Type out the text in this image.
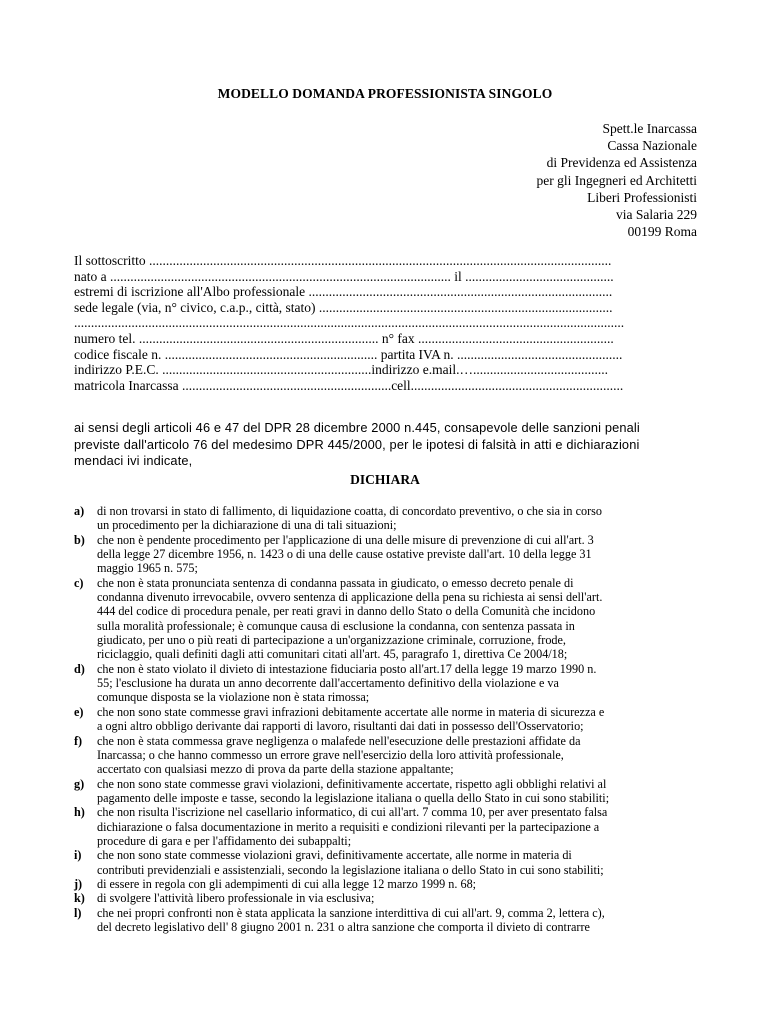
MODELLO DOMANDA PROFESSIONISTA SINGOLO
Spett.le Inarcassa
Cassa Nazionale
di Previdenza ed Assistenza
per gli Ingegneri ed Architetti
Liberi Professionisti
via Salaria 229
00199 Roma
Il sottoscritto .........................................................................................................................................
nato a ..................................................................................................... il ............................................
estremi di iscrizione all'Albo professionale ..........................................................................................
sede legale (via, n° civico, c.a.p., città, stato) .......................................................................................
...................................................................................................................................................................
numero tel. ....................................................................... n° fax ..........................................................
codice fiscale n. ............................................................... partita IVA n. .................................................
indirizzo P.E.C. ..............................................................indirizzo e.mail.…........................................
matricola Inarcassa ..............................................................cell...............................................................
ai sensi degli articoli 46 e 47 del DPR 28 dicembre 2000 n.445, consapevole delle sanzioni penali
previste dall'articolo 76 del medesimo DPR 445/2000, per le ipotesi di falsità in atti e dichiarazioni
mendaci ivi indicate,
DICHIARA
a)	di non trovarsi in stato di fallimento, di liquidazione coatta, di concordato preventivo, o che sia in corso
un procedimento per la dichiarazione di una di tali situazioni;
b) che non è pendente procedimento per l'applicazione di una delle misure di prevenzione di cui all'art. 3
della legge 27 dicembre 1956, n. 1423 o di una delle cause ostative previste dall'art. 10 della legge 31
maggio 1965 n. 575;
c)	che non è stata pronunciata sentenza di condanna passata in giudicato, o emesso decreto penale di
condanna divenuto irrevocabile, ovvero sentenza di applicazione della pena su richiesta ai sensi dell'art.
444 del codice di procedura penale, per reati gravi in danno dello Stato o della Comunità che incidono
sulla moralità professionale; è comunque causa di esclusione la condanna, con sentenza passata in
giudicato, per uno o più reati di partecipazione a un'organizzazione criminale, corruzione, frode,
riciclaggio, quali definiti dagli atti comunitari citati all'art. 45, paragrafo 1, direttiva Ce 2004/18;
d) che non è stato violato il divieto di intestazione fiduciaria posto all'art.17 della legge 19 marzo 1990 n.
55; l'esclusione ha durata un anno decorrente dall'accertamento definitivo della violazione e va
comunque disposta se la violazione non è stata rimossa;
e)	che non sono state commesse gravi infrazioni debitamente accertate alle norme in materia di sicurezza e
a ogni altro obbligo derivante dai rapporti di lavoro, risultanti dai dati in possesso dell'Osservatorio;
f)	che non è stata commessa grave negligenza o malafede nell'esecuzione delle prestazioni affidate da
Inarcassa; o che hanno commesso un errore grave nell'esercizio della loro attività professionale,
accertato con qualsiasi mezzo di prova da parte della stazione appaltante;
g)	che non sono state commesse gravi violazioni, definitivamente accertate, rispetto agli obblighi relativi al
pagamento delle imposte e tasse, secondo la legislazione italiana o quella dello Stato in cui sono stabiliti;
h) che non risulta l'iscrizione nel casellario informatico, di cui all'art. 7 comma 10, per aver presentato falsa
dichiarazione o falsa documentazione in merito a requisiti e condizioni rilevanti per la partecipazione a
procedure di gara e per l'affidamento dei subappalti;
i)	che non sono state commesse violazioni gravi, definitivamente accertate, alle norme in materia di
contributi previdenziali e assistenziali, secondo la legislazione italiana o dello Stato in cui sono stabiliti;
j)	di essere in regola con gli adempimenti di cui alla legge 12 marzo 1999 n. 68;
k) di svolgere l'attività libero professionale in via esclusiva;
l)	che nei propri confronti non è stata applicata la sanzione interdittiva di cui all'art. 9, comma 2, lettera c),
del decreto legislativo dell' 8 giugno 2001 n. 231 o altra sanzione che comporta il divieto di contrarre
